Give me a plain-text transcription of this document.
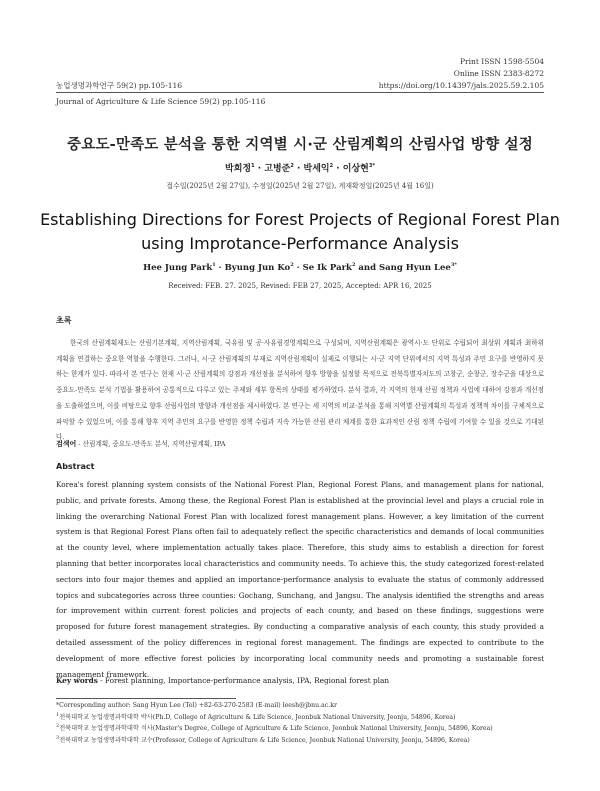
Print ISSN 1598-5504
Online ISSN 2383-8272
https://doi.org/10.14397/jals.2025.59.2.105
농업생명과학연구 59(2) pp.105-116
Journal of Agriculture & Life Science 59(2) pp.105-116
중요도-만족도 분석을 통한 지역별 시·군 산림계획의 산림사업 방향 설정
박희정$^1$ · 고병준$^2$ · 박세익$^2$ · 이상현$^{3*}$
접수일(2025년 2월 27일), 수정일(2025년 2월 27일), 게재확정일(2025년 4월 16일)
Establishing Directions for Forest Projects of Regional Forest Plan
using Improtance-Performance Analysis
Hee Jung Park$^1$ · Byung Jun $Ko^2 \cdot Se$ Ik Park$^2$ and Sang Hyun Lee$^{3*}$
Received: FEB. 27. 2025, Revised: FEB 27, 2025, Accepted: APR 16, 2025
초록
한국의 산림계획제도는 산림기본계획, 지역산림계획, 국유림 및 공·사유림경영계획으로 구성되며, 지역산림계획은 광역시·도 단위로 수립되어 최상위 계획과 최하위 계획을 연결하는 중요한 역할을 수행한다. 그러나, 시·군 산림계획의 부재로 지역산림계획이 실제로 이행되는 시·군 지역 단위에서의 지역 특성과 주민 요구를 반영하지 못하는 한계가 있다. 따라서 본 연구는 현재 시·군 산림계획의 강점과 개선점을 분석하여 향후 방향을 설정할 목적으로 전북특별자치도의 고창군, 순창군, 장수군을 대상으로 중요도-만족도 분석 기법을 활용하여 공통적으로 다루고 있는 주제와 세부 항목의 상태를 평가하였다. 분석 결과, 각 지역의 현재 산림 정책과 사업에 대하여 강점과 개선점을 도출하였으며, 이를 비탕으로 향후 산림사업의 방향과 개선점을 제시하였다. 본 연구는 세 지역의 비교·분석을 통해 지역별 산림계획의 특성과 정책적 차이를 구체적으로 파악할 수 있었으며, 이를 통해 향후 지역 주민의 요구를 반영한 정책 수립과 지속 가능한 산림 관리 체계를 통한 효과적인 산림 정책 수립에 기여할 수 있을 것으로 기대된다.
검색어 - 산림계획, 중요도-만족도 분석, 지역산림계획, IPA
Abstract
Korea's forest planning system consists of the National Forest Plan, Regional Forest Plans, and management plans for national, public, and private forests. Among these, the Regional Forest Plan is established at the provincial level and plays a crucial role in linking the overarching National Forest Plan with localized forest management plans. However, a key limitation of the current system is that Regional Forest Plans often fail to adequately reflect the specific characteristics and demands of local communities at the county level, where implementation actually takes place. Therefore, this study aims to establish a direction for forest planning that better incorporates local characteristics and community needs. To achieve this, the study categorized forest-related sectors into four major themes and applied an importance-performance analysis to evaluate the status of commonly addressed topics and subcategories across three counties: Gochang, Sunchang, and Jangsu. The analysis identified the strengths and areas for improvement within current forest policies and projects of each county, and based on these findings, suggestions were proposed for future forest management strategies. By conducting a comparative analysis of each county, this study provided a detailed assessment of the policy differences in regional forest management. The findings are expected to contribute to the development of more effective forest policies by incorporating local community needs and promoting a sustainable forest management framework.
Key words - Forest planning, Importance-performance analysis, IPA, Regional forest plan
*Corresponding author: Sang Hyun Lee (Tel) +82-63-270-2583 (E-mail) leesh@jbnu.ac.kr
$^1$전북대학교 농업생명과학대학 박사(Ph.D, College of Agriculture & Life Science, Jeonbuk National University, Jeonju, 54896, Korea)
$^2$전북대학교 농업생명과학대학 석사(Master's Degree, College of Agriculture & Life Science, Jeonbuk National University, Jeonju, 54896, Korea)
$^3$전북대학교 농업생명과학대학 교수(Professor, College of Agriculture & Life Science, Jeonbuk National University, Jeonju, 54896, Korea)
